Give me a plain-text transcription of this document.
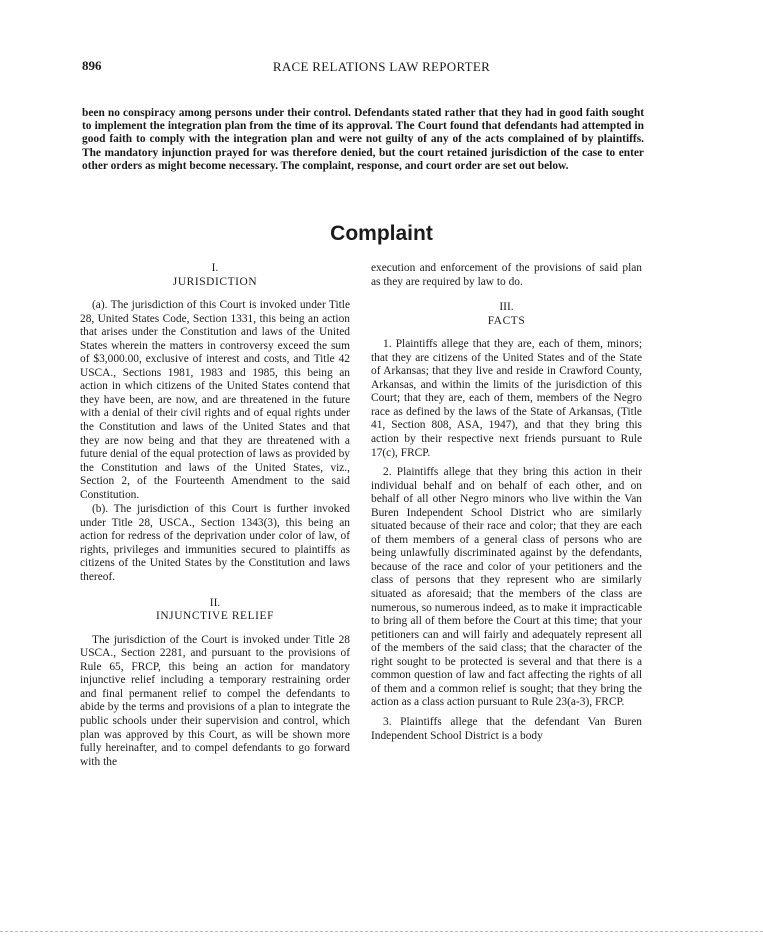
896	RACE RELATIONS LAW REPORTER
been no conspiracy among persons under their control. Defendants stated rather that they had in good faith sought to implement the integration plan from the time of its approval. The Court found that defendants had attempted in good faith to comply with the integration plan and were not guilty of any of the acts complained of by plaintiffs. The mandatory injunction prayed for was therefore denied, but the court retained jurisdiction of the case to enter other orders as might become necessary. The complaint, response, and court order are set out below.
Complaint

I.

JURISDICTION

(a). The jurisdiction of this Court is invoked under Title 28, United States Code, Section 1331, this being an action that arises under the Constitution and laws of the United States wherein the matters in controversy exceed the sum of $3,000.00, exclusive of interest and costs, and Title 42 USCA., Sections 1981, 1983 and 1985, this being an action in which citizens of the United States contend that they have been, are now, and are threatened in the future with a denial of their civil rights and of equal rights under the Constitution and laws of the United States and that they are now being and that they are threatened with a future denial of the equal protection of laws as provided by the Constitution and laws of the United States, viz., Section 2, of the Fourteenth Amendment to the said Constitution.

(b). The jurisdiction of this Court is further invoked under Title 28, USCA., Section 1343(3), this being an action for redress of the deprivation under color of law, of rights, privileges and immunities secured to plaintiffs as citizens of the United States by the Constitution and laws thereof.

II.

INJUNCTIVE RELIEF

The jurisdiction of the Court is invoked under Title 28 USCA., Section 2281, and pursuant to the provisions of Rule 65, FRCP, this being an action for mandatory injunctive relief including a temporary restraining order and final permanent relief to compel the defendants to abide by the terms and provisions of a plan to integrate the public schools under their supervision and control, which plan was approved by this Court, as will be shown more fully hereinafter, and to compel defendants to go forward with the

execution and enforcement of the provisions of said plan as they are required by law to do.

III.

FACTS

1. Plaintiffs allege that they are, each of them, minors; that they are citizens of the United States and of the State of Arkansas; that they live and reside in Crawford County, Arkansas, and within the limits of the jurisdiction of this Court; that they are, each of them, members of the Negro race as defined by the laws of the State of Arkansas, (Title 41, Section 808, ASA, 1947), and that they bring this action by their respective next friends pursuant to Rule 17(c), FRCP.

2. Plaintiffs allege that they bring this action in their individual behalf and on behalf of each other, and on behalf of all other Negro minors who live within the Van Buren Independent School District who are similarly situated because of their race and color; that they are each of them members of a general class of persons who are being unlawfully discriminated against by the defendants, because of the race and color of your petitioners and the class of persons that they represent who are similarly situated as aforesaid; that the members of the class are numerous, so numerous indeed, as to make it impracticable to bring all of them before the Court at this time; that your petitioners can and will fairly and adequately represent all of the members of the said class; that the character of the right sought to be protected is several and that there is a common question of law and fact affecting the rights of all of them and a common relief is sought; that they bring the action as a class action pursuant to Rule 23(a-3), FRCP.

3. Plaintiffs allege that the defendant Van Buren Independent School District is a body
